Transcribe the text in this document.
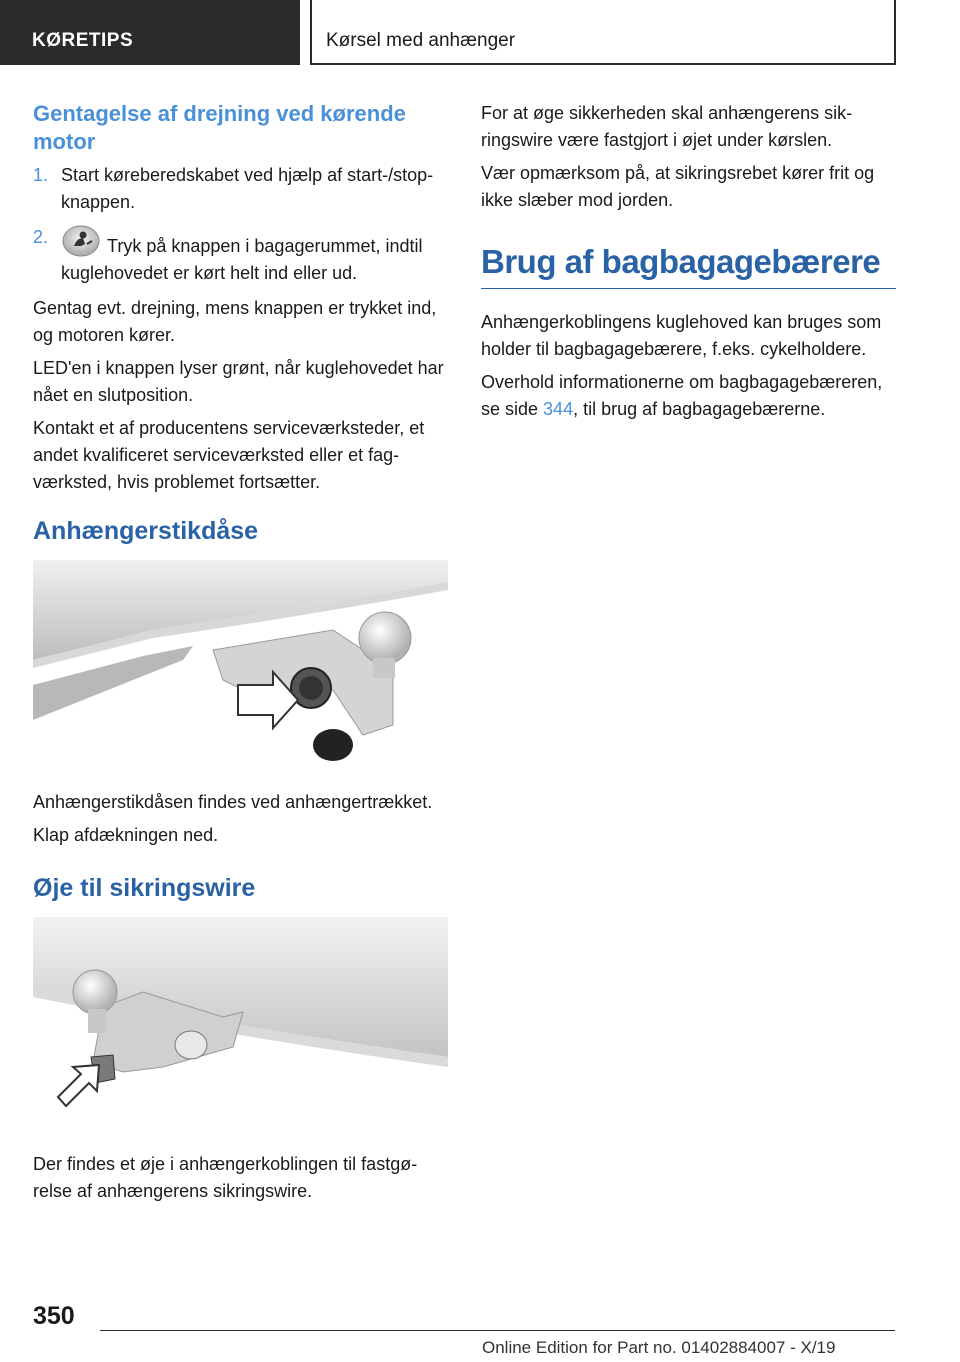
KØRETIPS	Kørsel med anhænger
Gentagelse af drejning ved kørende motor
1. Start køreberedskabet ved hjælp af start-/stop-knappen.
2.	Tryk på knappen i bagagerummet, indtil kuglehovedet er kørt helt ind eller ud.

Gentag evt. drejning, mens knappen er trykket ind, og motoren kører.

LED'en i knappen lyser grønt, når kuglehovedet har nået en slutposition.

Kontakt et af producentens serviceværksteder, et andet kvalificeret serviceværksted eller et fagværksted, hvis problemet fortsætter.

Anhængerstikdåse

Anhængerstikdåsen findes ved anhængertrækket.

Klap afdækningen ned.

Øje til sikringswire

Der findes et øje i anhængerkoblingen til fastgørelse af anhængerens sikringswire.

For at øge sikkerheden skal anhængerens sikringswire være fastgjort i øjet under kørslen.

Vær opmærksom på, at sikringsrebet kører frit og ikke slæber mod jorden.

Brug af bagbagagebærere

Anhængerkoblingens kuglehoved kan bruges som holder til bagbagagebærere, f.eks. cykelholdere.

Overhold informationerne om bagbagagebæreren, se side 344, til brug af bagbagagebærerne.

350
Online Edition for Part no. 01402884007 - X/19
